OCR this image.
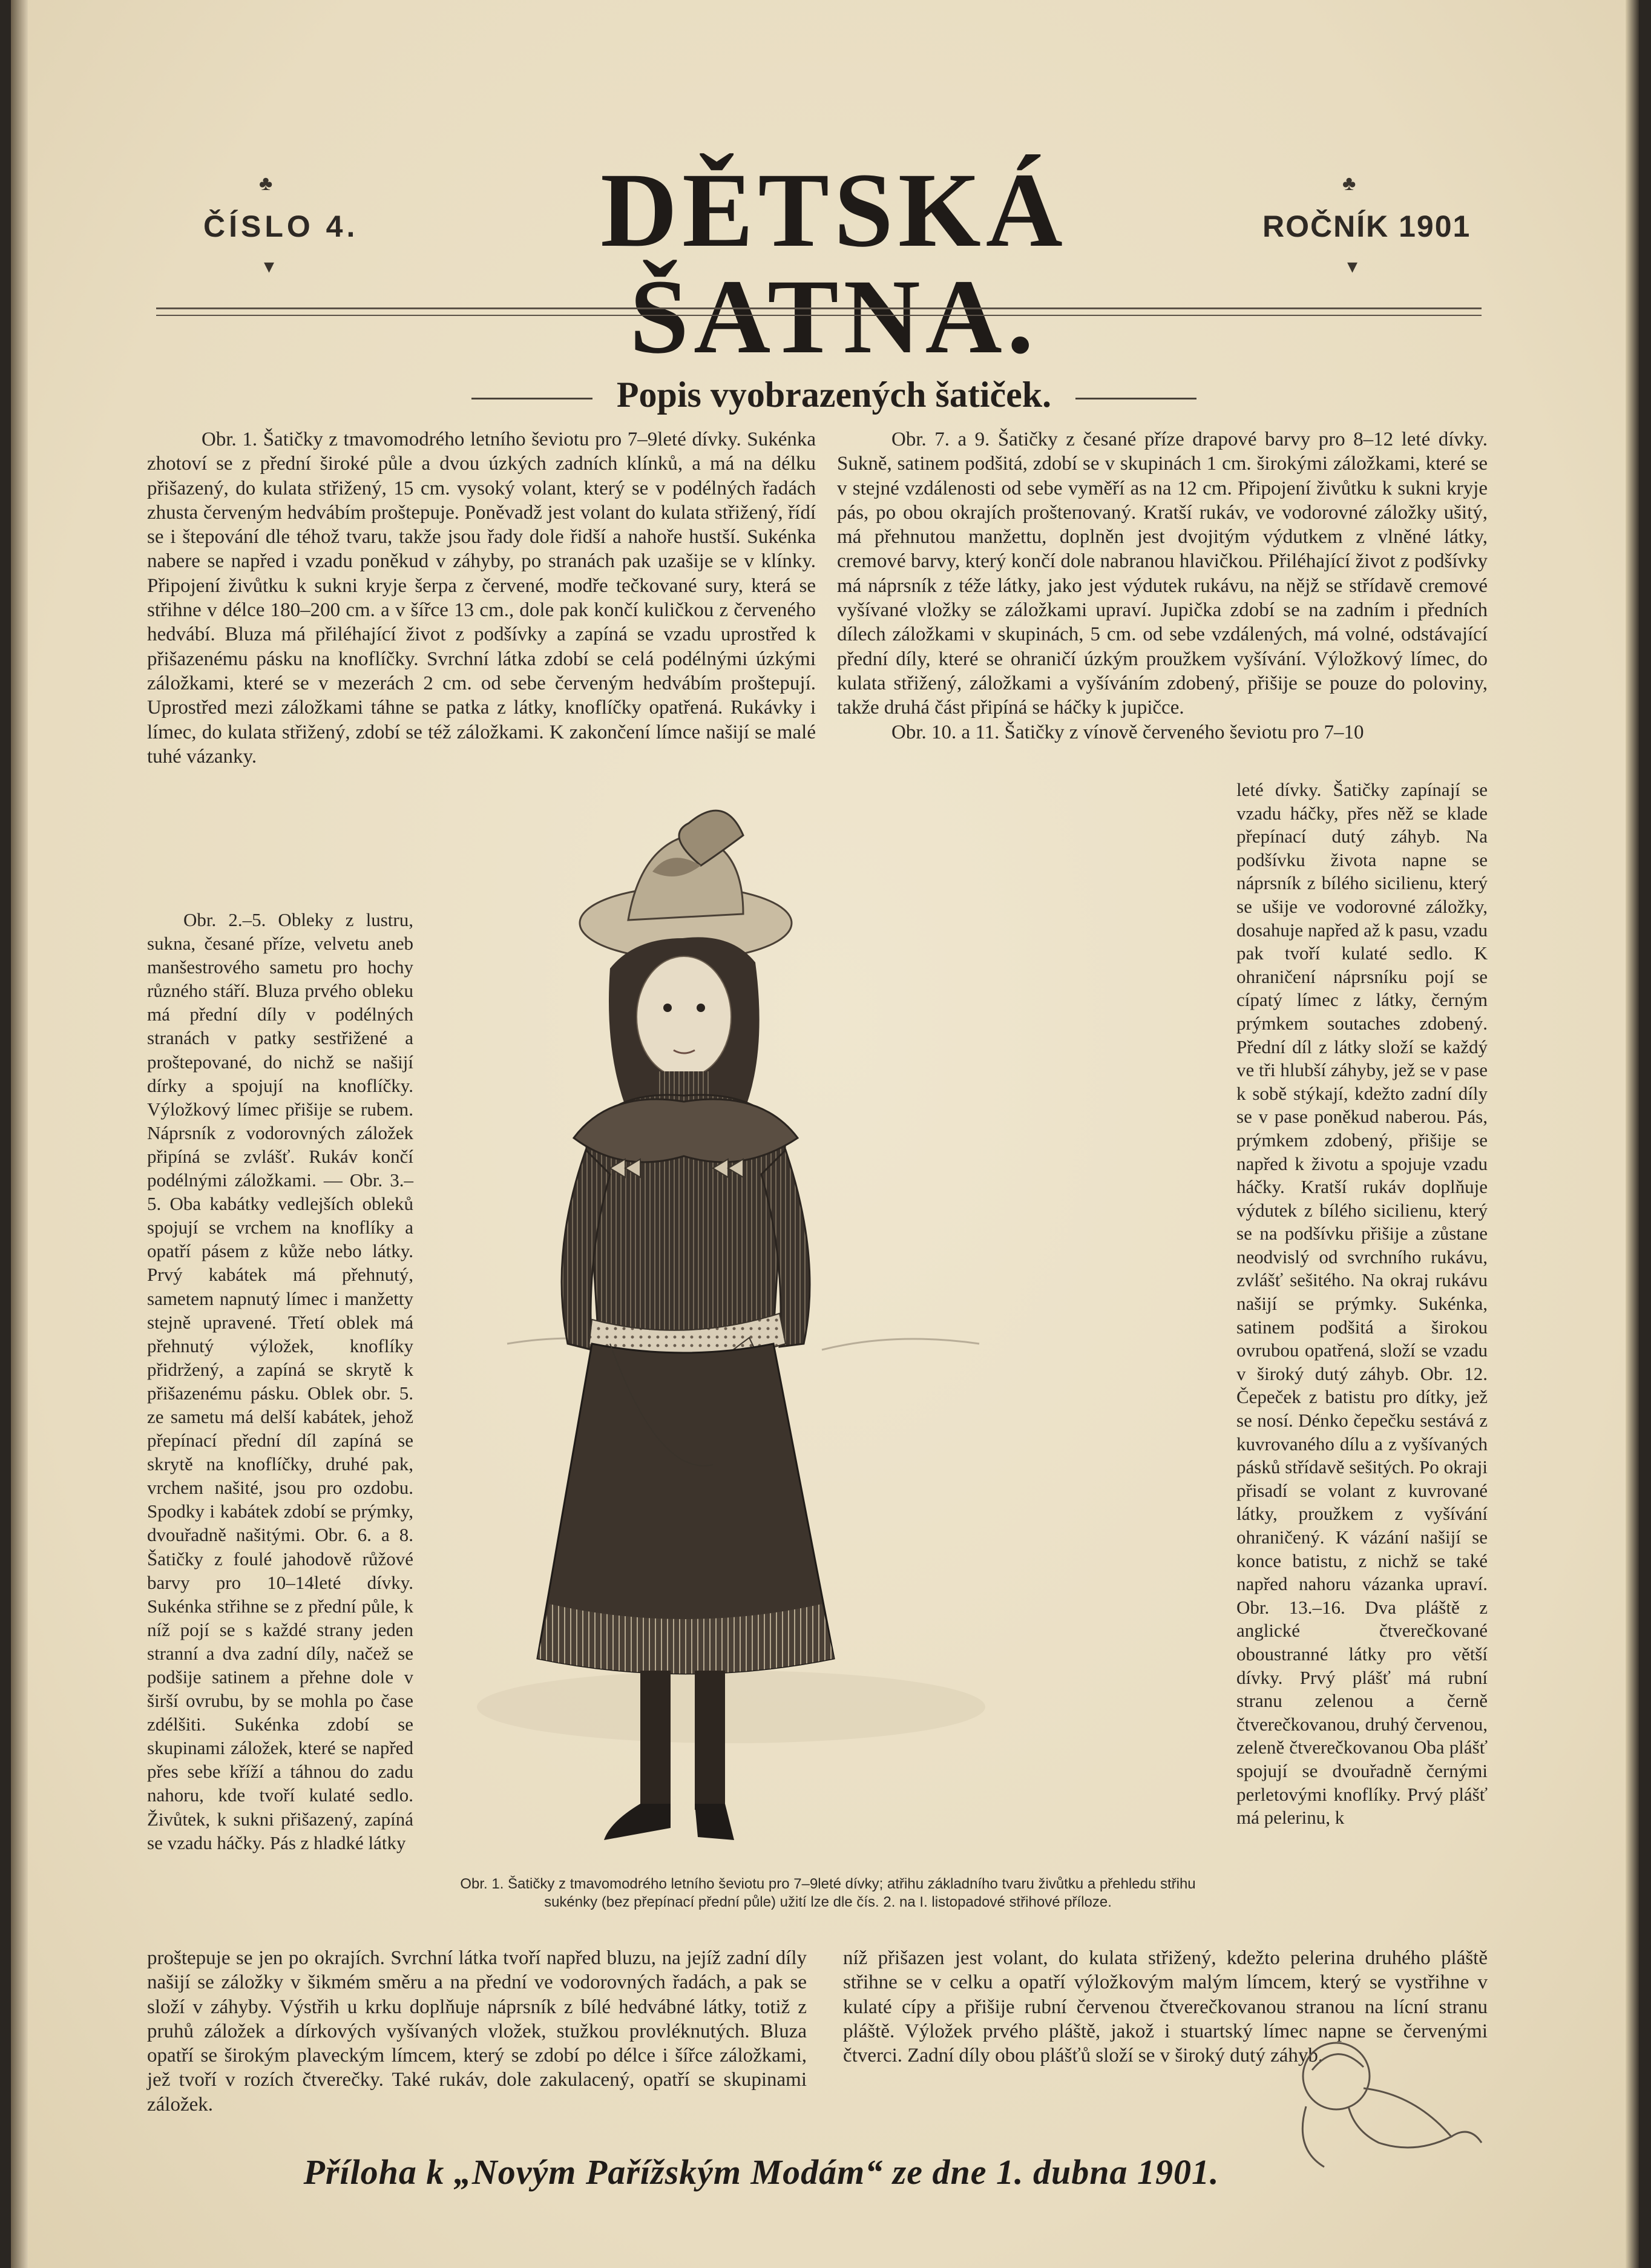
♣
▾
ČÍSLO 4.	DĚTSKÁ ŠATNA.
♣
▾
ROČNÍK 1901
Popis vyobrazených šatiček.

Obr. 1. Šatičky z tmavomodrého letního ševiotu pro 7–9leté dívky. Sukénka zhotoví se z přední široké půle a dvou úzkých zadních klínků, a má na délku přišazený, do kulata střižený, 15 cm. vysoký volant, který se v podélných řadách zhusta červeným hedvábím proštepuje. Poněvadž jest volant do kulata střižený, řídí se i štepování dle téhož tvaru, takže jsou řady dole řidší a nahoře hustší. Sukénka nabere se napřed i vzadu poněkud v záhyby, po stranách pak uzašije se v klínky. Připojení živůtku k sukni kryje šerpa z červené, modře tečkované sury, která se střihne v délce 180–200 cm. a v šířce 13 cm., dole pak končí kuličkou z červeného hedvábí. Bluza má přiléhající život z podšívky a zapíná se vzadu uprostřed k přišazenému pásku na knoflíčky. Svrchní látka zdobí se celá podélnými úzkými záložkami, které se v mezerách 2 cm. od sebe červeným hedvábím proštepují. Uprostřed mezi záložkami táhne se patka z látky, knoflíčky opatřená. Rukávky i límec, do kulata střižený, zdobí se též záložkami. K zakončení límce našijí se malé tuhé vázanky.

Obr. 2.–5. Obleky z lustru, sukna, česané příze, velvetu aneb manšestrového sametu pro hochy různého stáří. Bluza prvého obleku má přední díly v podélných stranách v patky sestřižené a proštepované, do nichž se našijí dírky a spojují na knoflíčky. Výložkový límec přišije se rubem. Náprsník z vodorovných záložek připíná se zvlášť. Rukáv končí podélnými záložkami. — Obr. 3.–5. Oba kabátky vedlejších obleků spojují se vrchem na knoflíky a opatří pásem z kůže nebo látky. Prvý kabátek má přehnutý, sametem napnutý límec i manžetty stejně upravené. Třetí oblek má přehnutý výložek, knoflíky přidržený, a zapíná se skrytě k přišazenému pásku. Oblek obr. 5. ze sametu má delší kabátek, jehož přepínací přední díl zapíná se skrytě na knoflíčky, druhé pak, vrchem našité, jsou pro ozdobu. Spodky i kabátek zdobí se prýmky, dvouřadně našitými. Obr. 6. a 8. Šatičky z foulé jahodově růžové barvy pro 10–14leté dívky. Sukénka střihne se z přední půle, k níž pojí se s každé strany jeden stranní a dva zadní díly, načež se podšije satinem a přehne dole v širší ovrubu, by se mohla po čase zdélšiti. Sukénka zdobí se skupinami záložek, které se napřed přes sebe kříží a táhnou do zadu nahoru, kde tvoří kulaté sedlo. Živůtek, k sukni přišazený, zapíná se vzadu háčky. Pás z hladké látky

Obr. 7. a 9. Šatičky z česané příze drapové barvy pro 8–12 leté dívky. Sukně, satinem podšitá, zdobí se v skupinách 1 cm. širokými záložkami, které se v stejné vzdálenosti od sebe vyměří as na 12 cm. Připojení živůtku k sukni kryje pás, po obou okrajích prošteпovaný. Kratší rukáv, ve vodorovné záložky ušitý, má přehnutou manžettu, doplněn jest dvojitým výdutkem z vlněné látky, cremové barvy, který končí dole nabranou hlavičkou. Přiléhající život z podšívky má náprsník z téže látky, jako jest výdutek rukávu, na nějž se střídavě cremové vyšívané vložky se záložkami upraví. Jupička zdobí se na zadním i předních dílech záložkami v skupinách, 5 cm. od sebe vzdálených, má volné, odstávající přední díly, které se ohraničí úzkým proužkem vyšívání. Výložkový límec, do kulata střižený, záložkami a vyšíváním zdobený, přišije se pouze do poloviny, takže druhá část připíná se háčky k jupičce.

Obr. 10. a 11. Šatičky z vínově červeného ševiotu pro 7–10

leté dívky. Šatičky zapínají se vzadu háčky, přes něž se klade přepínací dutý záhyb. Na podšívku života napne se náprsník z bílého sicilienu, který se ušije ve vodorovné záložky, dosahuje napřed až k pasu, vzadu pak tvoří kulaté sedlo. K ohraničení náprsníku pojí se cípatý límec z látky, černým prýmkem soutaches zdobený. Přední díl z látky složí se každý ve tři hlubší záhyby, jež se v pase k sobě stýkají, kdežto zadní díly se v pase poněkud naberou. Pás, prýmkem zdobený, přišije se napřed k životu a spojuje vzadu háčky. Kratší rukáv doplňuje výdutek z bílého sicilienu, který se na podšívku přišije a zůstane neodvislý od svrchního rukávu, zvlášť sešitého. Na okraj rukávu našijí se prýmky. Sukénka, satinem podšitá a širokou ovrubou opatřená, složí se vzadu v široký dutý záhyb. Obr. 12. Čepeček z batistu pro dítky, jež se nosí. Dénko čepečku sestává z kuvrovaného dílu a z vyšívaných pásků střídavě sešitých. Po okraji přisadí se volant z kuvrované látky, proužkem z vyšívání ohraničený. K vázání našijí se konce batistu, z nichž se také napřed nahoru vázanka upraví. Obr. 13.–16. Dva pláště z anglické čtverečkované oboustranné látky pro větší dívky. Prvý plášť má rubní stranu zelenou a černě čtverečkovanou, druhý červenou, zeleně čtverečkovanou Oba plášť spojují se dvouřadně černými perletovými knoflíky. Prvý plášť má pelerinu, k

Obr. 1. Šatičky z tmavomodrého letního ševiotu pro 7–9leté dívky; atřihu základního tvaru živůtku a přehledu střihu sukénky (bez přepínací přední půle) užití lze dle čís. 2. na I. listopadové střihové příloze.

proštepuje se jen po okrajích. Svrchní látka tvoří napřed bluzu, na jejíž zadní díly našijí se záložky v šikmém směru a na přední ve vodorovných řadách, a pak se složí v záhyby. Výstřih u krku doplňuje náprsník z bílé hedvábné látky, totiž z pruhů záložek a dírkových vyšívaných vložek, stužkou provléknutých. Bluza opatří se širokým plaveckým límcem, který se zdobí po délce i šířce záložkami, jež tvoří v rozích čtverečky. Také rukáv, dole zakulacený, opatří se skupinami záložek.

níž přišazen jest volant, do kulata střižený, kdežto pelerina druhého pláště střihne se v celku a opatří výložkovým malým límcem, který se vystřihne v kulaté cípy a přišije rubní červenou čtverečkovanou stranou na lícní stranu pláště. Výložek prvého pláště, jakož i stuartský límec napne se červenými čtverci. Zadní díly obou plášťů složí se v široký dutý záhyb.

Příloha k „Novým Pařížským Modám“ ze dne 1. dubna 1901.
